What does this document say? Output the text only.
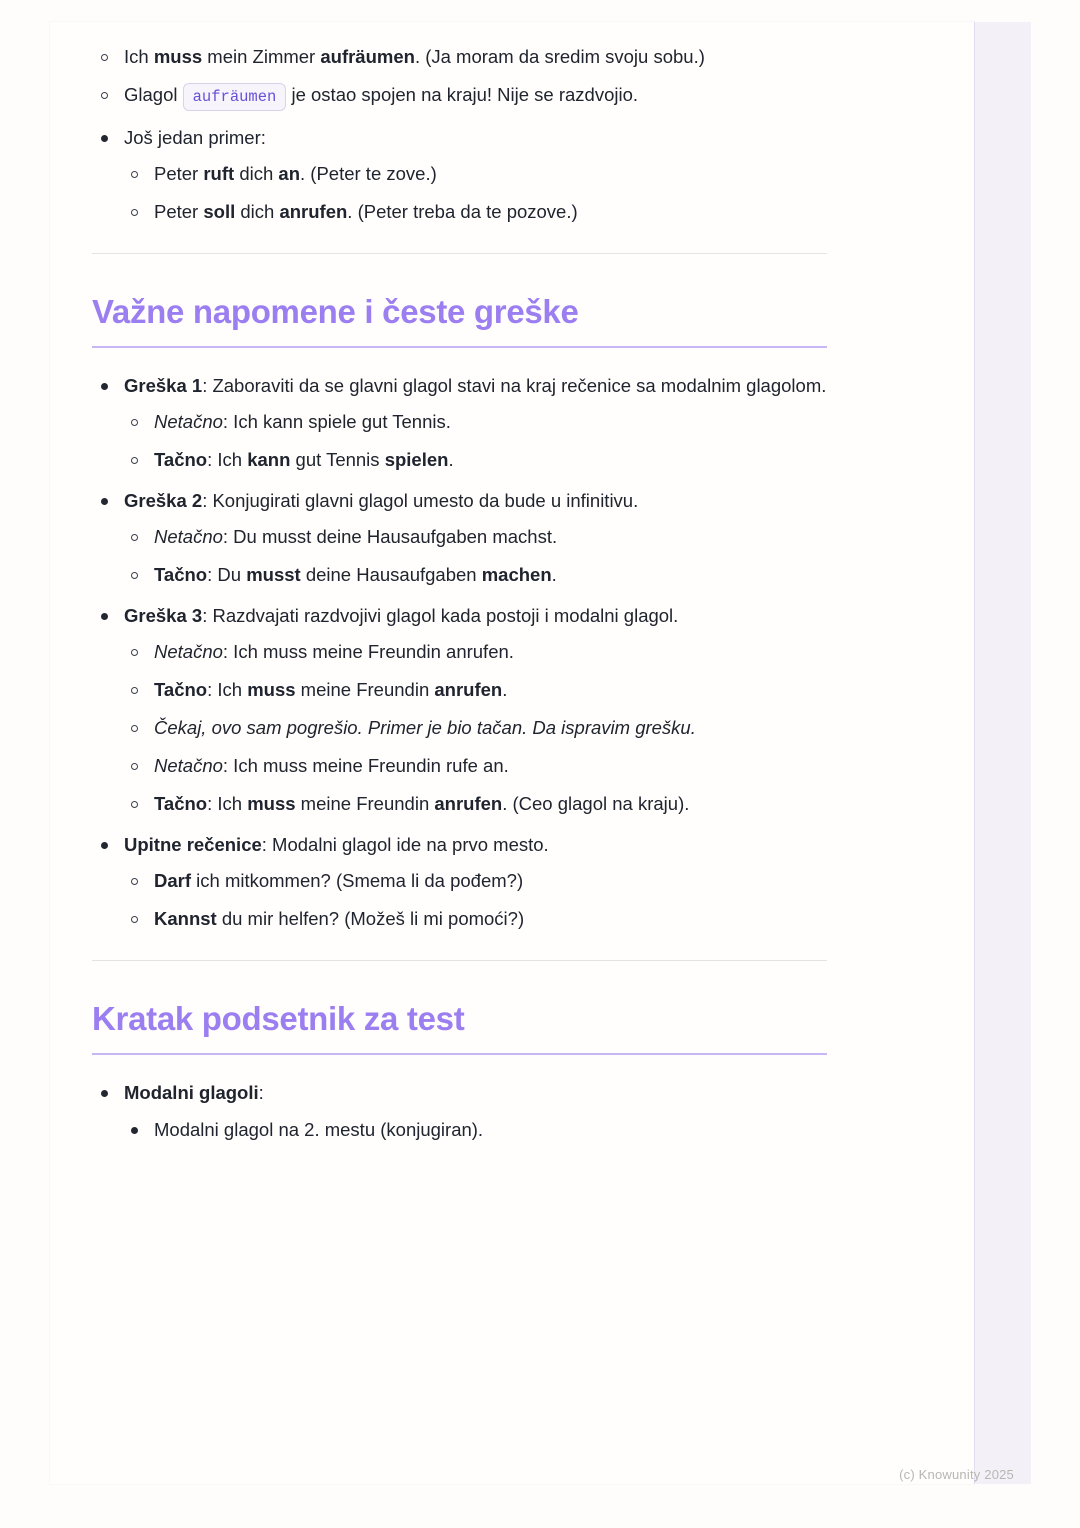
Ich muss mein Zimmer aufräumen. (Ja moram da sredim svoju sobu.)
Glagol aufräumen je ostao spojen na kraju! Nije se razdvojio.
Još jedan primer:
Peter ruft dich an. (Peter te zove.)
Peter soll dich anrufen. (Peter treba da te pozove.)
Važne napomene i česte greške
Greška 1: Zaboraviti da se glavni glagol stavi na kraj rečenice sa modalnim glagolom.
Netačno: Ich kann spiele gut Tennis.
Tačno: Ich kann gut Tennis spielen.
Greška 2: Konjugirati glavni glagol umesto da bude u infinitivu.
Netačno: Du musst deine Hausaufgaben machst.
Tačno: Du musst deine Hausaufgaben machen.
Greška 3: Razdvajati razdvojivi glagol kada postoji i modalni glagol.
Netačno: Ich muss meine Freundin anrufen.
Tačno: Ich muss meine Freundin anrufen.
Čekaj, ovo sam pogrešio. Primer je bio tačan. Da ispravim grešku.
Netačno: Ich muss meine Freundin rufe an.
Tačno: Ich muss meine Freundin anrufen. (Ceo glagol na kraju).
Upitne rečenice: Modalni glagol ide na prvo mesto.
Darf ich mitkommen? (Smema li da pođem?)
Kannst du mir helfen? (Možeš li mi pomoći?)
Kratak podsetnik za test
Modalni glagoli:
Modalni glagol na 2. mestu (konjugiran).
(c) Knowunity 2025
